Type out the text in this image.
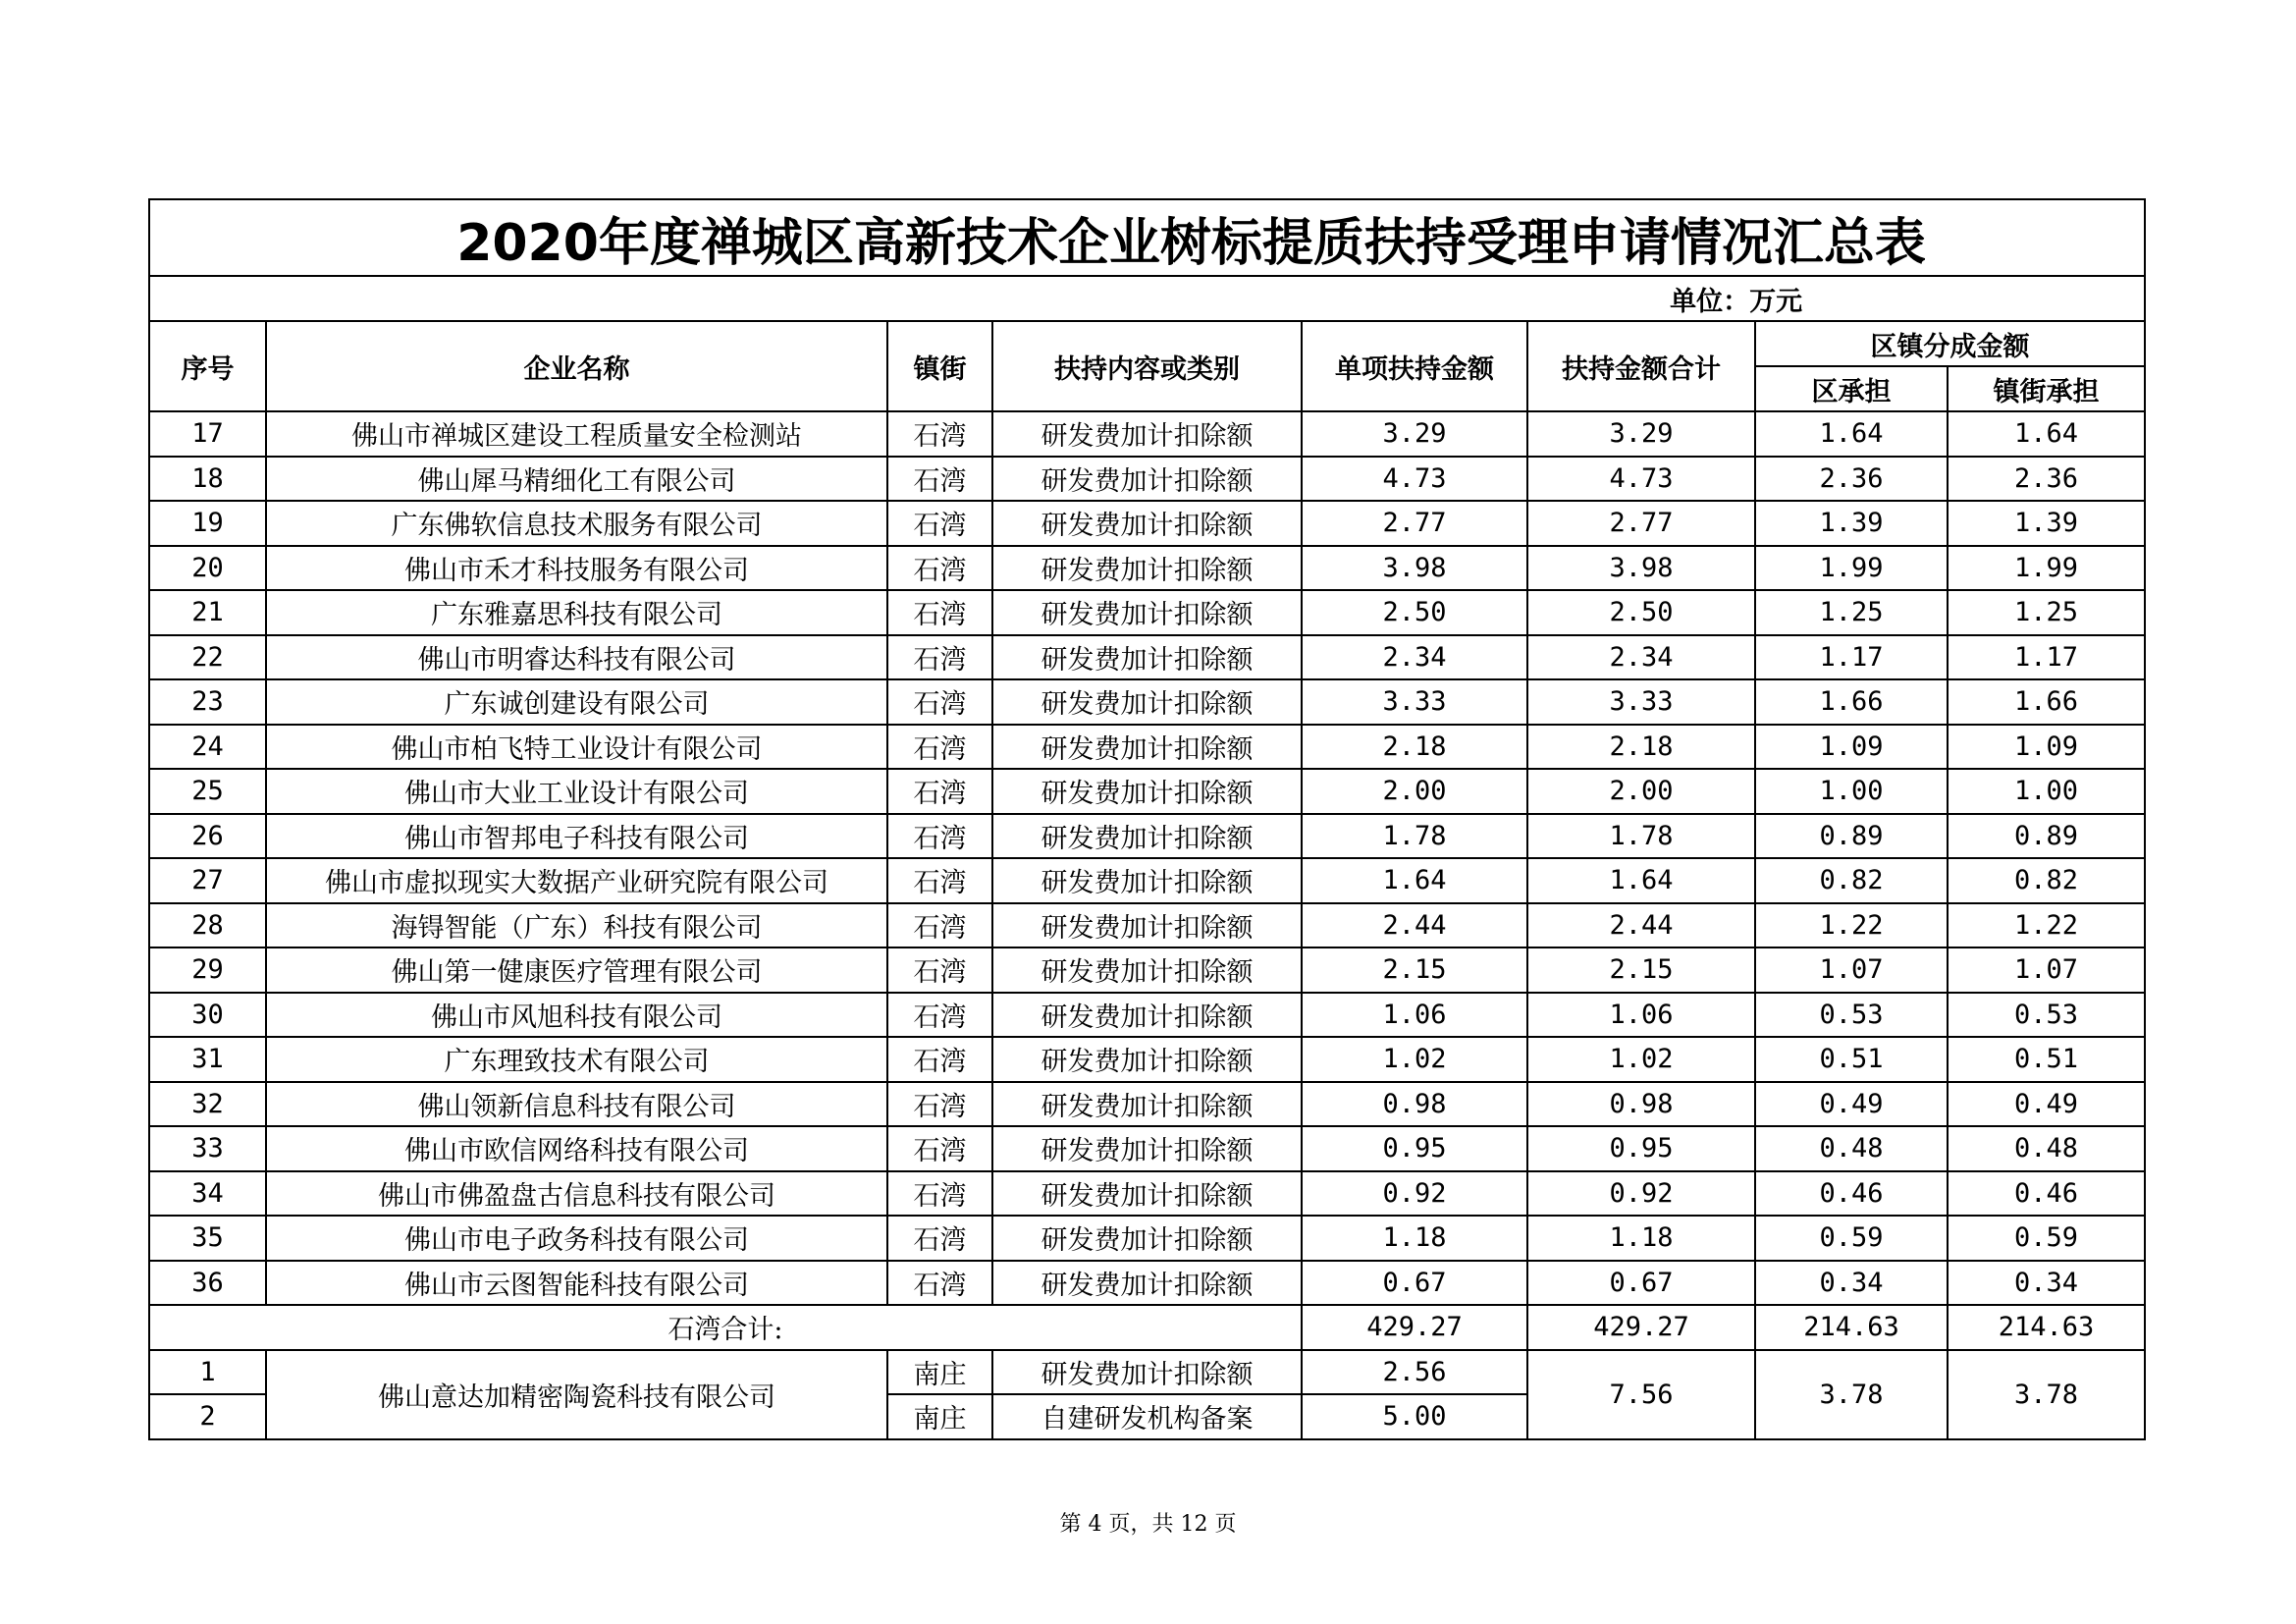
2020年度禅城区高新技术企业树标提质扶持受理申请情况汇总表							
单位：万元							
序号	企业名称	镇街	扶持内容或类别	单项扶持金额	扶持金额合计	区镇分成金额	
						区承担	镇街承担
17	佛山市禅城区建设工程质量安全检测站	石湾	研发费加计扣除额	3.29	3.29	1.64	1.64
18	佛山犀马精细化工有限公司	石湾	研发费加计扣除额	4.73	4.73	2.36	2.36
19	广东佛软信息技术服务有限公司	石湾	研发费加计扣除额	2.77	2.77	1.39	1.39
20	佛山市禾才科技服务有限公司	石湾	研发费加计扣除额	3.98	3.98	1.99	1.99
21	广东雅嘉思科技有限公司	石湾	研发费加计扣除额	2.50	2.50	1.25	1.25
22	佛山市明睿达科技有限公司	石湾	研发费加计扣除额	2.34	2.34	1.17	1.17
23	广东诚创建设有限公司	石湾	研发费加计扣除额	3.33	3.33	1.66	1.66
24	佛山市柏飞特工业设计有限公司	石湾	研发费加计扣除额	2.18	2.18	1.09	1.09
25	佛山市大业工业设计有限公司	石湾	研发费加计扣除额	2.00	2.00	1.00	1.00
26	佛山市智邦电子科技有限公司	石湾	研发费加计扣除额	1.78	1.78	0.89	0.89
27	佛山市虚拟现实大数据产业研究院有限公司	石湾	研发费加计扣除额	1.64	1.64	0.82	0.82
28	海锝智能（广东）科技有限公司	石湾	研发费加计扣除额	2.44	2.44	1.22	1.22
29	佛山第一健康医疗管理有限公司	石湾	研发费加计扣除额	2.15	2.15	1.07	1.07
30	佛山市风旭科技有限公司	石湾	研发费加计扣除额	1.06	1.06	0.53	0.53
31	广东理致技术有限公司	石湾	研发费加计扣除额	1.02	1.02	0.51	0.51
32	佛山领新信息科技有限公司	石湾	研发费加计扣除额	0.98	0.98	0.49	0.49
33	佛山市欧信网络科技有限公司	石湾	研发费加计扣除额	0.95	0.95	0.48	0.48
34	佛山市佛盈盘古信息科技有限公司	石湾	研发费加计扣除额	0.92	0.92	0.46	0.46
35	佛山市电子政务科技有限公司	石湾	研发费加计扣除额	1.18	1.18	0.59	0.59
36	佛山市云图智能科技有限公司	石湾	研发费加计扣除额	0.67	0.67	0.34	0.34
石湾合计:				429.27	429.27	214.63	214.63
1	佛山意达加精密陶瓷科技有限公司	南庄	研发费加计扣除额	2.56	7.56	3.78	3.78
2		南庄	自建研发机构备案	5.00			
第 4 页，共 12 页
